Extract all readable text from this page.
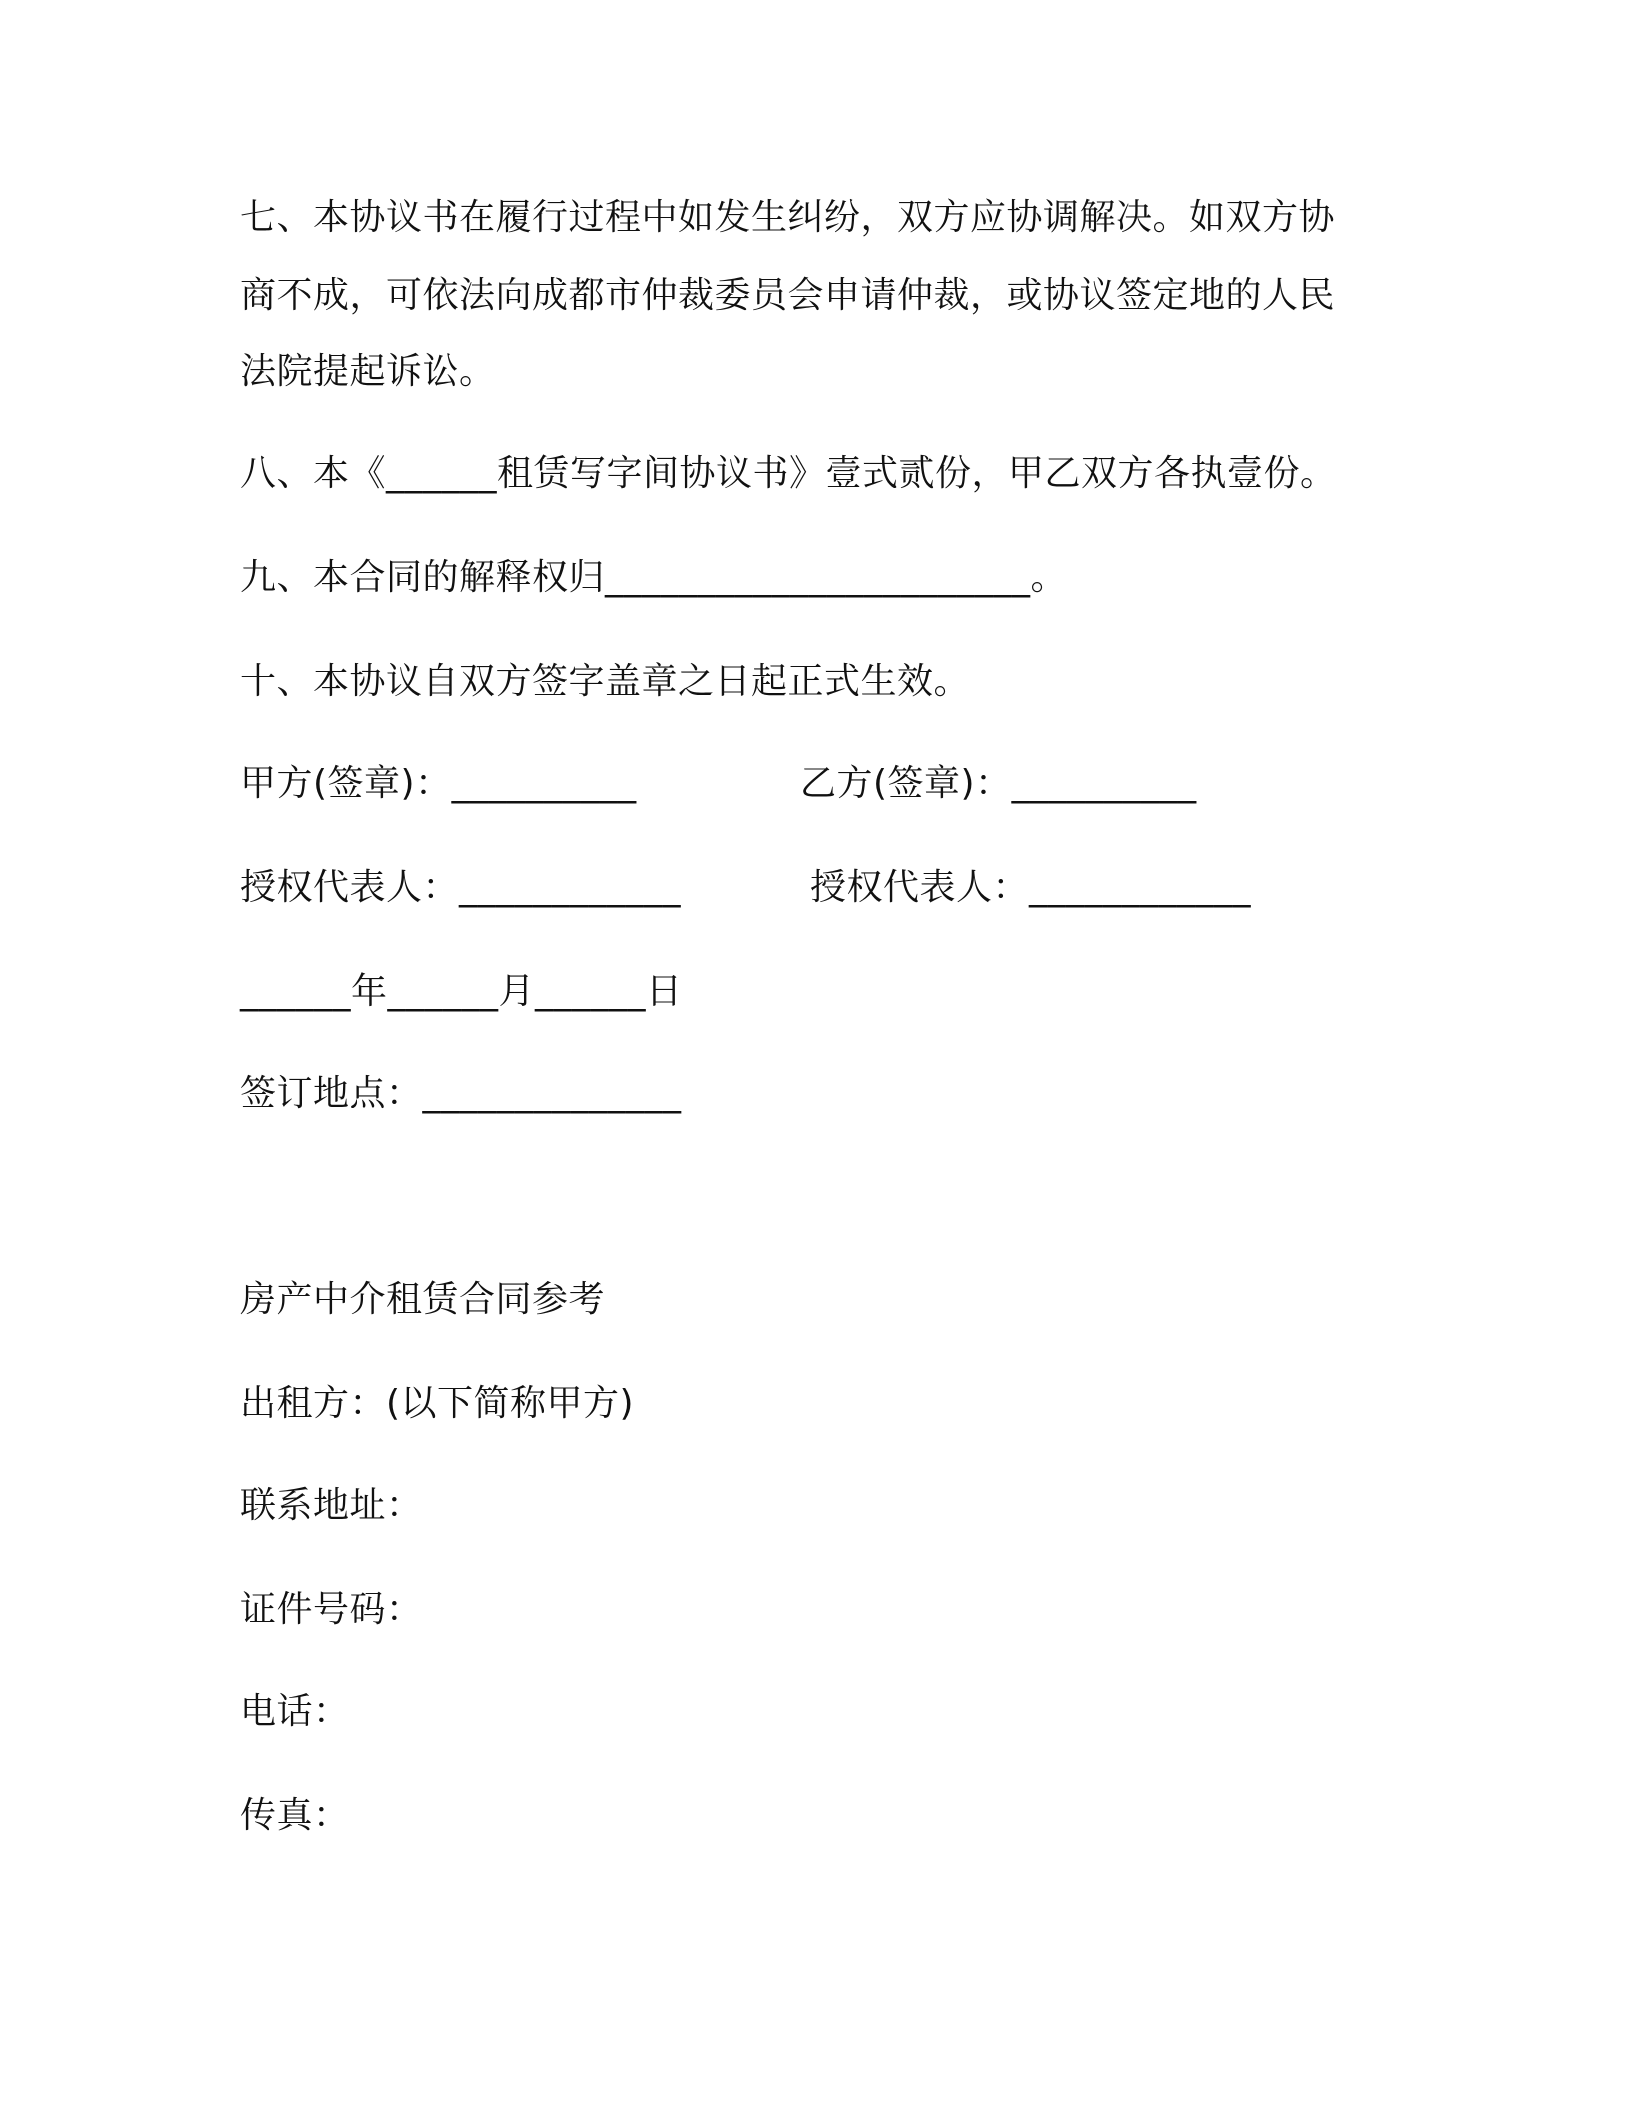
七、本协议书在履行过程中如发生纠纷，双方应协调解决。如双方协
商不成，可依法向成都市仲裁委员会申请仲裁，或协议签定地的人民
法院提起诉讼。
八、本《______租赁写字间协议书》壹式贰份，甲乙双方各执壹份。
九、本合同的解释权归_______________________。
十、本协议自双方签字盖章之日起正式生效。
甲方(签章)：__________	乙方(签章)：__________
授权代表人：____________	授权代表人：____________
______年______月______日
签订地点：______________
房产中介租赁合同参考
出租方：(以下简称甲方)
联系地址：
证件号码：
电话：
传真：
